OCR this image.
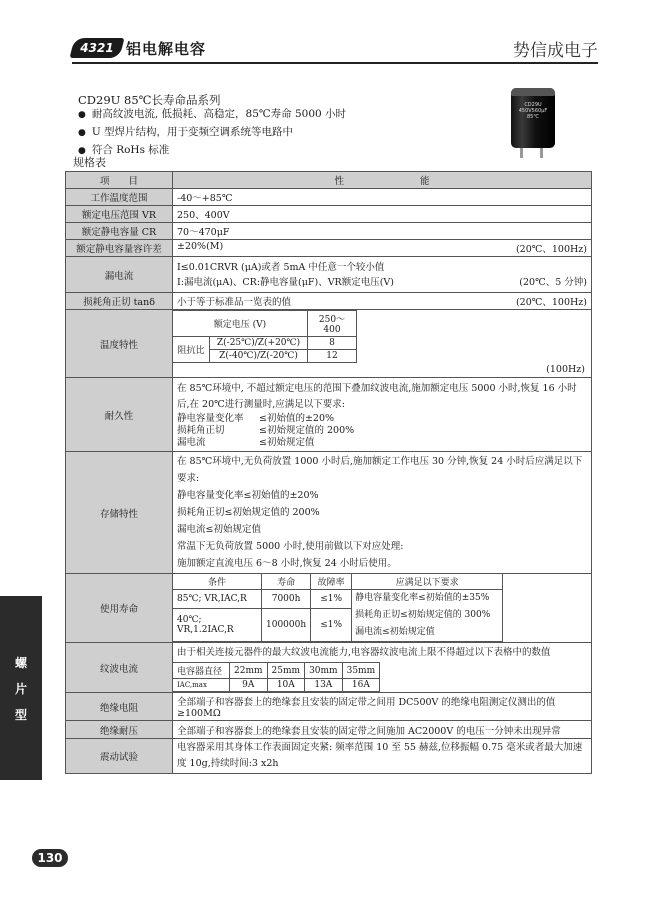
4321 铝电解电容	势信成电子
CD29U 85℃长寿命品系列
● 耐高纹波电流, 低损耗、高稳定，85℃寿命 5000 小时
● U 型焊片结构，用于变频空调系统等电路中
● 符合 RoHs 标准
规格表
CD29U 450V560μF 85℃
项　　目	性　　　　　　　　能
工作温度范围	-40～+85℃
额定电压范围 VR	250、400V
额定静电容量 CR	70～470μF
额定静电容量容许差	±20%(M)	(20℃、100Hz)

漏电流	
I≤0.01CRVR (μA)或者 5mA 中任意一个较小值
I:漏电流(μA)、CR:静电容量(μF)、VR额定电压(V)	(20℃、5 分钟)

损耗角正切 tanδ	小于等于标准品一览表的值	(20℃、100Hz)

温度特性	
额定电压 (V)	250～400
阻抗比	Z(-25℃)/Z(+20℃)	8
Z(-40℃)/Z(-20℃)	12
(100Hz)

耐久性	
在 85℃环境中, 不超过额定电压的范围下叠加纹波电流,施加额定电压 5000 小时,恢复 16 小时后,在 20℃进行测量时,应满足以下要求:
静电容量变化率 ≤初始值的±20%
损耗角正切	≤初始规定值的 200%
漏电流	≤初始规定值

存储特性	
在 85℃环境中,无负荷放置 1000 小时后,施加额定工作电压 30 分钟,恢复 24 小时后应满足以下要求:
静电容量变化率≤初始值的±20%
损耗角正切≤初始规定值的 200%
漏电流≤初始规定值
常温下无负荷放置 5000 小时,使用前做以下对应处理:
施加额定直流电压 6～8 小时,恢复 24 小时后使用。

使用寿命	
条件	寿命	故障率	应满足以下要求
85℃; VR,IAC,R	7000h	≤1%	静电容量变化率≤初始值的±35%
损耗角正切≤初始规定值的 300%
漏电流≤初始规定值

40℃; VR,1.2IAC,R	100000h	≤1%

纹波电流	
由于相关连接元器件的最大纹波电流能力,电容器纹波电流上限不得超过以下表格中的数值
电容器直径	22mm	25mm	30mm	35mm
IAC,max	9A	10A	13A	16A

绝缘电阻	全部端子和容器套上的绝缘套且安装的固定带之间用 DC500V 的绝缘电阻测定仪测出的值≥100MΩ
绝缘耐压	全部端子和容器套上的绝缘套且安装的固定带之间施加 AC2000V 的电压一分钟未出现异常
震动试验	电容器采用其身体工作表面固定夹紧: 频率范围 10 至 55 赫兹,位移振幅 0.75 毫米或者最大加速度 10g,持续时间:3 x2h
螺
片
型
130
